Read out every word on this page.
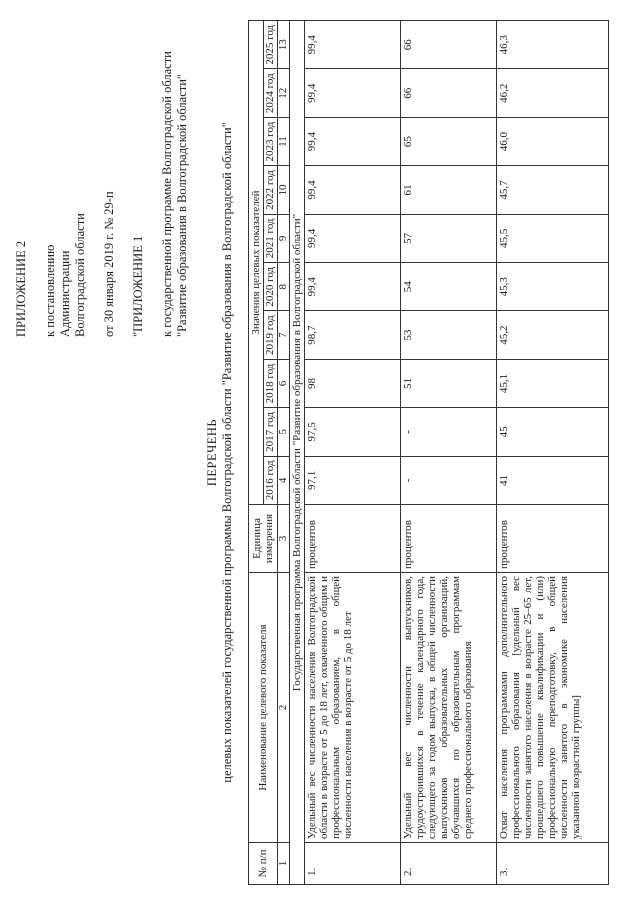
ПРИЛОЖЕНИЕ 2 к постановлению Администрации Волгоградской области от 30 января 2019 г. № 29-п "ПРИЛОЖЕНИЕ 1 к государственной программе Волгоградской области "Развитие образования в Волгоградской области"
ПЕРЕЧЕНЬ целевых показателей государственной программы Волгоградской области "Развитие образования в Волгоградской области"
№ п/п	Наименование целевого показателя	Единица измерения	Значения целевых показателей									
			2016 год	2017 год	2018 год	2019 год	2020 год	2021 год	2022 год	2023 год	2024 год	2025 год
1	2	3	4	5	6	7	8	9	10	11	12	13
Государственная программа Волгоградской области "Развитие образования в Волгоградской области"												
1.	Удельный вес численности населения Волгоградской области в возрасте от 5 до 18 лет, охваченного общим и профессиональным образованием, в общей численности населения в возрасте от 5 до 18 лет	процентов	97,1	97,5	98	98,7	99,4	99,4	99,4	99,4	99,4	99,4
2.	Удельный вес численности выпускников, трудоустроившихся в течение календарного года, следующего за годом выпуска, в общей численности выпускников образовательных организаций, обучавшихся по образовательным программам среднего профессионального образования	процентов	-	-	51	53	54	57	61	65	66	66
3.	Охват населения программами дополнительного профессионального образования [удельный вес численности занятого населения в возрасте 25–65 лет, прошедшего повышение квалификации и (или) профессиональную переподготовку, в общей численности занятого в экономике населения указанной возрастной группы]	процентов	41	45	45,1	45,2	45,3	45,5	45,7	46,0	46,2	46,3
